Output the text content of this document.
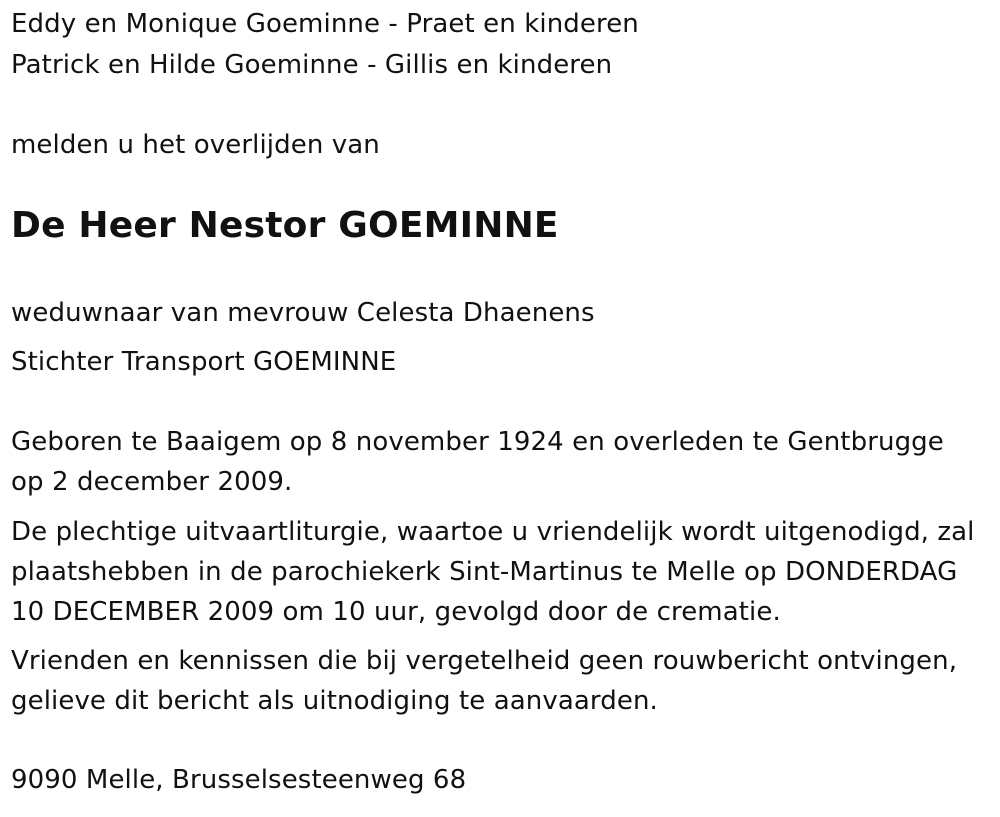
Eddy en Monique Goeminne - Praet en kinderen
Patrick en Hilde Goeminne - Gillis en kinderen
melden u het overlijden van
De Heer Nestor GOEMINNE
weduwnaar van mevrouw Celesta Dhaenens
Stichter Transport GOEMINNE
Geboren te Baaigem op 8 november 1924 en overleden te Gentbrugge
op 2 december 2009.
De plechtige uitvaartliturgie, waartoe u vriendelijk wordt uitgenodigd, zal
plaatshebben in de parochiekerk Sint-Martinus te Melle op DONDERDAG
10 DECEMBER 2009 om 10 uur, gevolgd door de crematie.
Vrienden en kennissen die bij vergetelheid geen rouwbericht ontvingen,
gelieve dit bericht als uitnodiging te aanvaarden.
9090 Melle, Brusselsesteenweg 68
